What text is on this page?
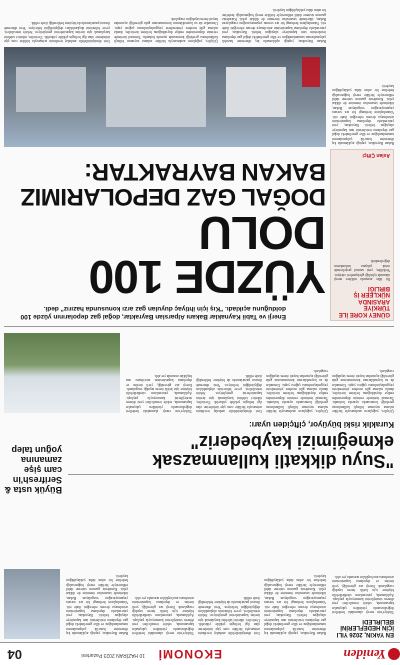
Yeniden
EKONOMİ
10 HAZİRAN 2023 Pazartesi
04
EN YAKIN, 2026 YILI İÇİN HEDEFLERİNİ BELİRLEDİ
Türkiye'nin enerji alanındaki hedefleri doğrultusunda yürütülen çalışmalar kapsamında, sektör temsilcileri yeni dönem stratejilerini kamuoyuyla paylaştı. Açıklamada, yatırımların sürdürülebilir büyüme için kritik önem taşıdığı vurgulandı. Enerji arz güvenliği, yerli üretim ve depolama kapasitesinin artırılması ana başlıklar arasında yer aldı.
Bakan Bayraktar, yaptığı açıklamada kış dönemine hazırlık çalışmalarının tamamlandığını ve ülke genelindeki doğal gaz depolama tesislerinin tam kapasiteye ulaştığını belirtti. Bayraktar, yeni yatırımlarla depolama kapasitesinin artırılmaya devam edeceğini ifade etti. Vatandaşların herhangi bir arz sorunu yaşamayacağını vurgulayan Bakan, tüketimde tasarrufun önemine de dikkat çekti. Karadeniz gazının sisteme dahil edilmesiyle birlikte enerji bağımsızlığı hedefine bir adım daha yaklaşıldığını kaydetti.
Geri dönüştürülebilir ambalaj tercihinin artmasıyla birlikte cam şişe ürünlerine olan ilgi belirgin şekilde yükseldi. Üreticiler, tüketici talebini karşılamak için üretim kapasitelerini genişletiyor. Sektör temsilcileri, çevre bilincinin alışkanlıkları değiştirdiğini belirtiyor. Yeni dönemde ihracat pazarlarında da büyüme beklendiği ifade edildi.
Türkiye'nin enerji alanındaki hedefleri doğrultusunda yürütülen çalışmalar kapsamında, sektör temsilcileri yeni dönem stratejilerini kamuoyuyla paylaştı. Açıklamada, yatırımların sürdürülebilir büyüme için kritik önem taşıdığı vurgulandı. Enerji arz güvenliği, yerli üretim ve depolama kapasitesinin artırılması ana başlıklar arasında yer aldı.
Bakan Bayraktar, yaptığı açıklamada kış dönemine hazırlık çalışmalarının tamamlandığını ve ülke genelindeki doğal gaz depolama tesislerinin tam kapasiteye ulaştığını belirtti. Bayraktar, yeni yatırımlarla depolama kapasitesinin artırılmaya devam edeceğini ifade etti. Vatandaşların herhangi bir arz sorunu yaşamayacağını vurgulayan Bakan, tüketimde tasarrufun önemine de dikkat çekti. Karadeniz gazının sisteme dahil edilmesiyle birlikte enerji bağımsızlığı hedefine bir adım daha yaklaşıldığını kaydetti.
Büyük usta & Serifresh'in cam şişe zamanına yoğun talep
"Suyu dikkatli kullanmazsak ekmeğimizi kaybederiz"
Kuraklık riski büyüyor, çiftçiden uyarı:
Çiftçiler, yağışların azalmasıyla birlikte sulama suyunun bilinçli kullanılması gerektiği konusunda uyarıda bulundu. Tarımsal üretimde verimin düşmesinden endişe duyulduğunu belirten üreticiler, damla sulama gibi modern yöntemlerin yaygınlaştırılması çağrısı yaptı. Uzmanlar da su kaynaklarının korunmasının gıda güvenliği açısından hayati önem taşıdığını vurguladı.
Çiftçiler, yağışların azalmasıyla birlikte sulama suyunun bilinçli kullanılması gerektiği konusunda uyarıda bulundu. Tarımsal üretimde verimin düşmesinden endişe duyulduğunu belirten üreticiler, damla sulama gibi modern yöntemlerin yaygınlaştırılması çağrısı yaptı. Uzmanlar da su kaynaklarının korunmasının gıda güvenliği açısından hayati önem taşıdığını vurguladı.
Geri dönüştürülebilir ambalaj tercihinin artmasıyla birlikte cam şişe ürünlerine olan ilgi belirgin şekilde yükseldi. Üreticiler, tüketici talebini karşılamak için üretim kapasitelerini genişletiyor. Sektör temsilcileri, çevre bilincinin alışkanlıkları değiştirdiğini belirtiyor. Yeni dönemde ihracat pazarlarında da büyüme beklendiği ifade edildi.
Türkiye'nin enerji alanındaki hedefleri doğrultusunda yürütülen çalışmalar kapsamında, sektör temsilcileri yeni dönem stratejilerini kamuoyuyla paylaştı. Açıklamada, yatırımların sürdürülebilir büyüme için kritik önem taşıdığı vurgulandı. Enerji arz güvenliği, yerli üretim ve depolama kapasitesinin artırılması ana başlıklar arasında yer aldı.
GÜNEY KORE İLE TÜRKİYE ARASINDA NÜKLEER İŞ BİRLİĞİ
İki ülke arasında nükleer enerji alanında işbirliği görüşmeleri sürüyor. Yetkililer, yeni santral projelerinde ortak çalışma imkanlarını değerlendirdi.
Aslan Çiftçi
Enerji ve Tabii Kaynaklar Bakanı Alparslan Bayraktar, doğal gaz depolarının yüzde 100 dolduğunu açıkladı. "Kış için ihtiyaç duyulan gaz arzı konusunda hazırız" dedi.
YÜZDE 100 DOLU
DOĞAL GAZ DEPOLARIMIZ
BAKAN BAYRAKTAR:
Bakan Bayraktar, yaptığı açıklamada kış dönemine hazırlık çalışmalarının tamamlandığını ve ülke genelindeki doğal gaz depolama tesislerinin tam kapasiteye ulaştığını belirtti. Bayraktar, yeni yatırımlarla depolama kapasitesinin artırılmaya devam edeceğini ifade etti. Vatandaşların herhangi bir arz sorunu yaşamayacağını vurgulayan Bakan, tüketimde tasarrufun önemine de dikkat çekti. Karadeniz gazının sisteme dahil edilmesiyle birlikte enerji bağımsızlığı hedefine bir adım daha yaklaşıldığını kaydetti.
Bakan Bayraktar, yaptığı açıklamada kış dönemine hazırlık çalışmalarının tamamlandığını ve ülke genelindeki doğal gaz depolama tesislerinin tam kapasiteye ulaştığını belirtti. Bayraktar, yeni yatırımlarla depolama kapasitesinin artırılmaya devam edeceğini ifade etti. Vatandaşların herhangi bir arz sorunu yaşamayacağını vurgulayan Bakan, tüketimde tasarrufun önemine de dikkat çekti. Karadeniz gazının sisteme dahil edilmesiyle birlikte enerji bağımsızlığı hedefine bir adım daha yaklaşıldığını kaydetti.
Çiftçiler, yağışların azalmasıyla birlikte sulama suyunun bilinçli kullanılması gerektiği konusunda uyarıda bulundu. Tarımsal üretimde verimin düşmesinden endişe duyulduğunu belirten üreticiler, damla sulama gibi modern yöntemlerin yaygınlaştırılması çağrısı yaptı. Uzmanlar da su kaynaklarının korunmasının gıda güvenliği açısından hayati önem taşıdığını vurguladı.
Geri dönüştürülebilir ambalaj tercihinin artmasıyla birlikte cam şişe ürünlerine olan ilgi belirgin şekilde yükseldi. Üreticiler, tüketici talebini karşılamak için üretim kapasitelerini genişletiyor. Sektör temsilcileri, çevre bilincinin alışkanlıkları değiştirdiğini belirtiyor. Yeni dönemde ihracat pazarlarında da büyüme beklendiği ifade edildi.
